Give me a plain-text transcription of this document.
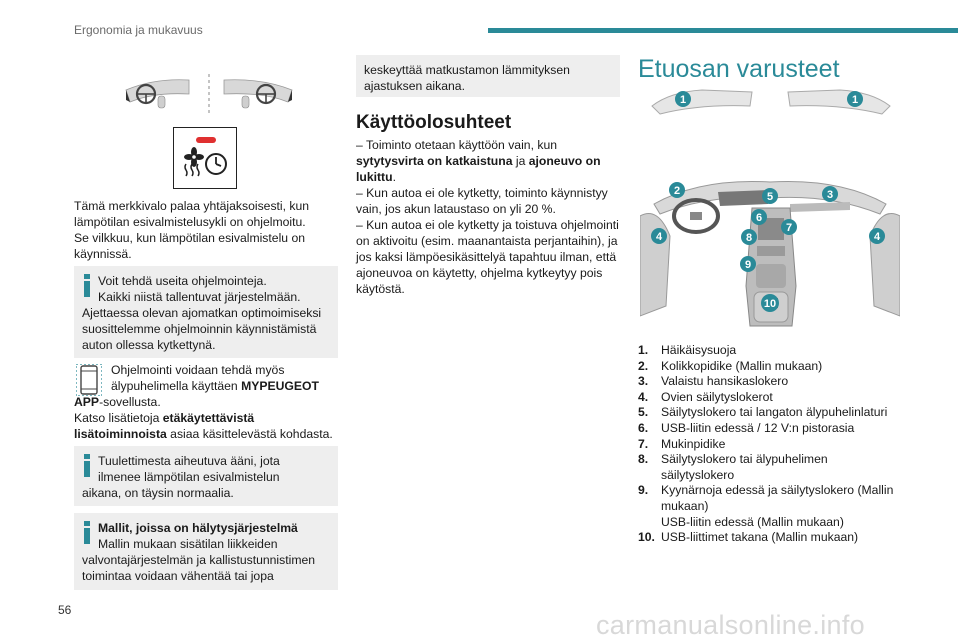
Ergonomia ja mukavuus

Tämä merkkivalo palaa yhtäjaksoisesti, kun

lämpötilan esivalmistelusykli on ohjelmoitu.

Se vilkkuu, kun lämpötilan esivalmistelu on

käynnissä.

Voit tehdä useita ohjelmointeja.
Kaikki niistä tallentuvat järjestelmään.
Ajettaessa olevan ajomatkan optimoimiseksi
suosittelemme ohjelmoinnin käynnistämistä
auton ollessa kytkettynä.

Ohjelmointi voidaan tehdä myös

älypuhelimella käyttäen MYPEUGEOT

APP-sovellusta.

Katso lisätietoja etäkäytettävistä

lisätoiminnoista asiaa käsittelevästä kohdasta.

Tuulettimesta aiheutuva ääni, jota
ilmenee lämpötilan esivalmistelun
aikana, on täysin normaalia.
Mallit, joissa on hälytysjärjestelmä
Mallin mukaan sisätilan liikkeiden
valvontajärjestelmän ja kallistustunnistimen
toimintaa voidaan vähentää tai jopa
keskeyttää matkustamon lämmityksen
ajastuksen aikana.
Käyttöolosuhteet

– Toiminto otetaan käyttöön vain, kun

sytytysvirta on katkaistuna ja ajoneuvo on

lukittu.

– Kun autoa ei ole kytketty, toiminto käynnistyy

vain, jos akun lataustaso on yli 20 %.

– Kun autoa ei ole kytketty ja toistuva ohjelmointi

on aktivoitu (esim. maanantaista perjantaihin), ja

jos kaksi lämpöesikäsittelyä tapahtuu ilman, että

ajoneuvoa on käytetty, ohjelma kytkeytyy pois

käytöstä.

Etuosan varusteet
1	1
2	5	3
6
7
4	8	4
9
10
1.	Häikäisysuoja
2.	Kolikkopidike (Mallin mukaan)
3.	Valaistu hansikaslokero
4.	Ovien säilytyslokerot
5.	Säilytyslokero tai langaton älypuhelinlaturi
6.	USB-liitin edessä / 12 V:n pistorasia
7.	Mukinpidike
8.	Säilytyslokero tai älypuhelimen
säilytyslokero
9.	Kyynärnoja edessä ja säilytyslokero (Mallin
mukaan)
USB-liitin edessä (Mallin mukaan)
10. USB-liittimet takana (Mallin mukaan)
56	carmanualsonline.info
